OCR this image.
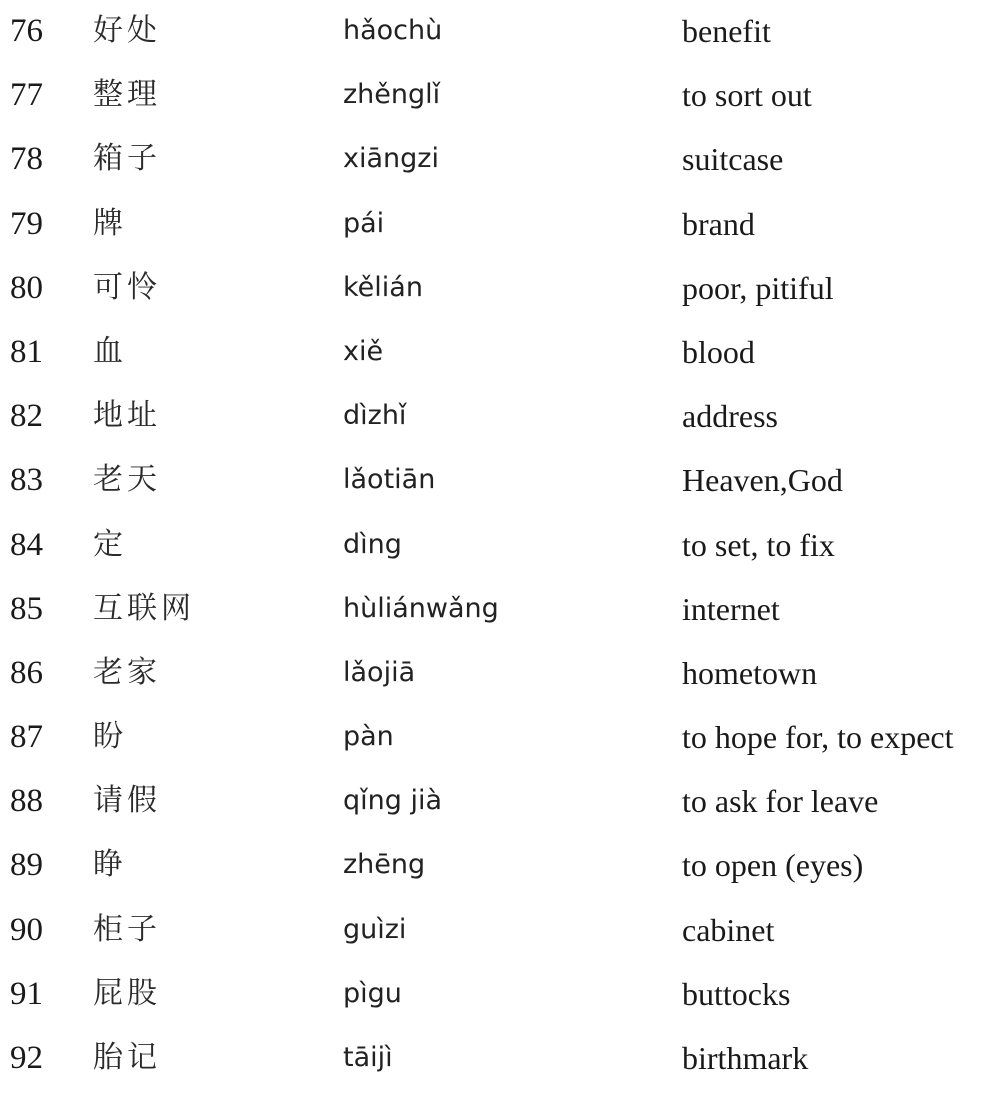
76 好处	hǎochù	benefit
77 整理	zhěnglǐ	to sort out
78 箱子	xiāngzi	suitcase
79 牌	pái	brand
80 可怜	kělián	poor, pitiful
81 血	xiě	blood
82 地址	dìzhǐ	address
83 老天	lǎotiān	Heaven,God
84 定	dìng	to set, to fix
85 互联网	hùliánwǎng	internet
86 老家	lǎojiā	hometown
87 盼	pàn	to hope for, to expect
88 请假	qǐng jià	to ask for leave
89 睁	zhēng	to open (eyes)
90 柜子	guìzi	cabinet
91 屁股	pìgu	buttocks
92 胎记	tāijì	birthmark
